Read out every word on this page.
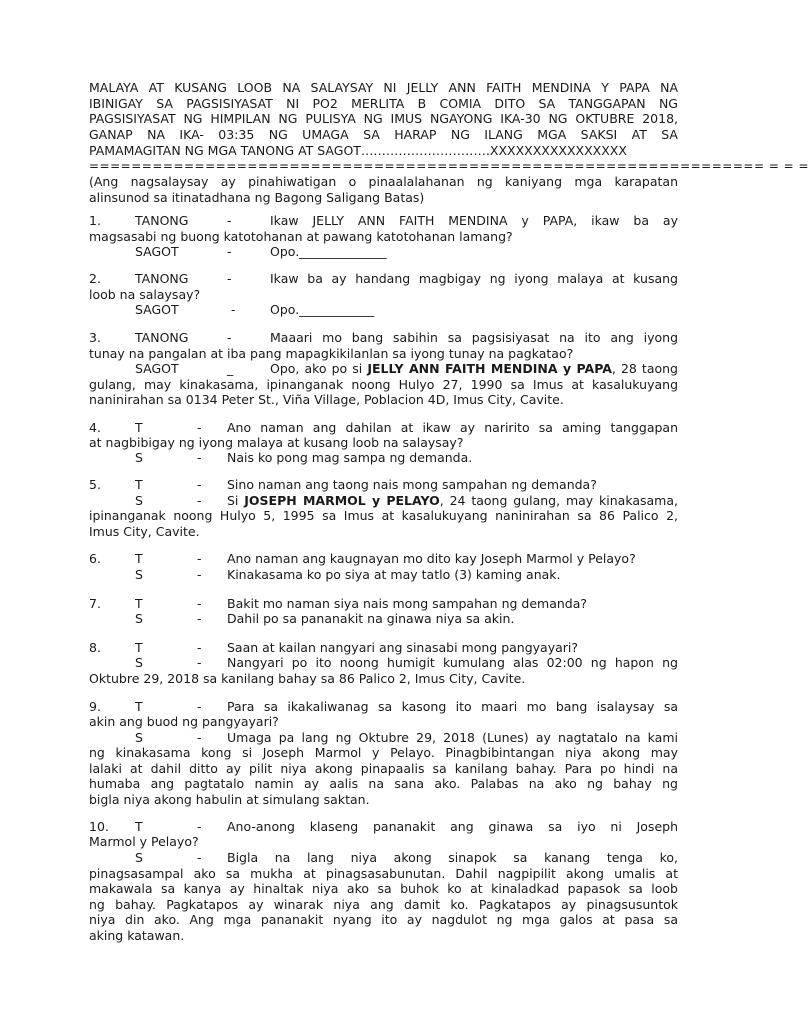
MALAYA AT KUSANG LOOB NA SALAYSAY NI JELLY ANN FAITH MENDINA Y PAPA NA
IBINIGAY SA PAGSISIYASAT NI PO2 MERLITA B COMIA DITO SA TANGGAPAN NG
PAGSISIYASAT NG HIMPILAN NG PULISYA NG IMUS NGAYONG IKA-30 NG OKTUBRE 2018,
GANAP NA IKA- 03:35 NG UMAGA SA HARAP NG ILANG MGA SAKSI AT SA
PAMAMAGITAN NG MGA TANONG AT SAGOT………………………….XXXXXXXXXXXXXXXX
================================================================ = = =
(Ang nagsalaysay ay pinahiwatigan o pinaalalahanan ng kaniyang mga karapatan
alinsunod sa itinatadhana ng Bagong Saligang Batas)
1.	TANONG	-	Ikaw JELLY ANN FAITH MENDINA y PAPA, ikaw ba ay
magsasabi ng buong katotohanan at pawang katotohanan lamang?
SAGOT	-	Opo.______________
2.	TANONG	-	Ikaw ba ay handang magbigay ng iyong malaya at kusang
loob na salaysay?
SAGOT	-	Opo.____________
3.	TANONG	-	Maaari mo bang sabihin sa pagsisiyasat na ito ang iyong
tunay na pangalan at iba pang mapagkikilanlan sa iyong tunay na pagkatao?
SAGOT	_	Opo, ako po si JELLY ANN FAITH MENDINA y PAPA, 28 taong
gulang, may kinakasama, ipinanganak noong Hulyo 27, 1990 sa Imus at kasalukuyang
naninirahan sa 0134 Peter St., Viña Village, Poblacion 4D, Imus City, Cavite.
4.	T	- Ano naman ang dahilan at ikaw ay naririto sa aming tanggapan
at nagbibigay ng iyong malaya at kusang loob na salaysay?
S	- Nais ko pong mag sampa ng demanda.
5.	T	- Sino naman ang taong nais mong sampahan ng demanda?
S	- Si JOSEPH MARMOL y PELAYO, 24 taong gulang, may kinakasama,
ipinanganak noong Hulyo 5, 1995 sa Imus at kasalukuyang naninirahan sa 86 Palico 2,
Imus City, Cavite.
6.	T	- Ano naman ang kaugnayan mo dito kay Joseph Marmol y Pelayo?
S	- Kinakasama ko po siya at may tatlo (3) kaming anak.
7.	T	- Bakit mo naman siya nais mong sampahan ng demanda?
S	- Dahil po sa pananakit na ginawa niya sa akin.
8.	T	- Saan at kailan nangyari ang sinasabi mong pangyayari?
S	- Nangyari po ito noong humigit kumulang alas 02:00 ng hapon ng
Oktubre 29, 2018 sa kanilang bahay sa 86 Palico 2, Imus City, Cavite.
9.	T	- Para sa ikakaliwanag sa kasong ito maari mo bang isalaysay sa
akin ang buod ng pangyayari?
S	- Umaga pa lang ng Oktubre 29, 2018 (Lunes) ay nagtatalo na kami
ng kinakasama kong si Joseph Marmol y Pelayo. Pinagbibintangan niya akong may
lalaki at dahil ditto ay pilit niya akong pinapaalis sa kanilang bahay. Para po hindi na
humaba ang pagtatalo namin ay aalis na sana ako. Palabas na ako ng bahay ng
bigla niya akong habulin at simulang saktan.
10. T	- Ano-anong klaseng pananakit ang ginawa sa iyo ni Joseph
Marmol y Pelayo?
S	- Bigla na lang niya akong sinapok sa kanang tenga ko,
pinagsasampal ako sa mukha at pinagsasabunutan. Dahil nagpipilit akong umalis at
makawala sa kanya ay hinaltak niya ako sa buhok ko at kinaladkad papasok sa loob
ng bahay. Pagkatapos ay winarak niya ang damit ko. Pagkatapos ay pinagsusuntok
niya din ako. Ang mga pananakit nyang ito ay nagdulot ng mga galos at pasa sa
aking katawan.
